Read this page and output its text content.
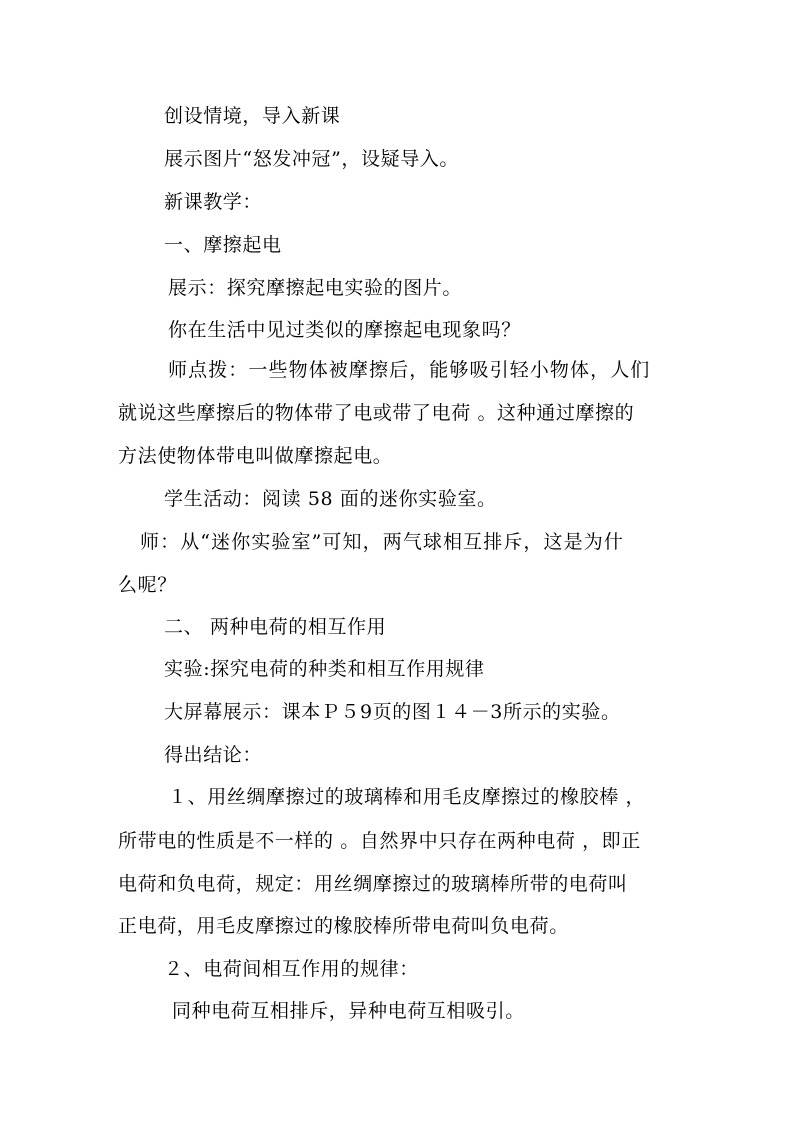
创设情境，导入新课
展示图片“怒发冲冠”，设疑导入。
新课教学：
一、摩擦起电
展示：探究摩擦起电实验的图片。
你在生活中见过类似的摩擦起电现象吗？
师点拨：一些物体被摩擦后，能够吸引轻小物体，人们
就说这些摩擦后的物体带了电或带了电荷 。这种通过摩擦的
方法使物体带电叫做摩擦起电。
学生活动：阅读 58 面的迷你实验室。
师：从“迷你实验室”可知，两气球相互排斥，这是为什
么呢？
二、 两种电荷的相互作用
实验:探究电荷的种类和相互作用规律
大屏幕展示：课本Ｐ５9页的图１４－3所示的实验。
得出结论：
１、用丝绸摩擦过的玻璃棒和用毛皮摩擦过的橡胶棒 ，
所带电的性质是不一样的 。自然界中只存在两种电荷 ，即正
电荷和负电荷，规定：用丝绸摩擦过的玻璃棒所带的电荷叫
正电荷，用毛皮摩擦过的橡胶棒所带电荷叫负电荷。
２、电荷间相互作用的规律：
同种电荷互相排斥，异种电荷互相吸引。
